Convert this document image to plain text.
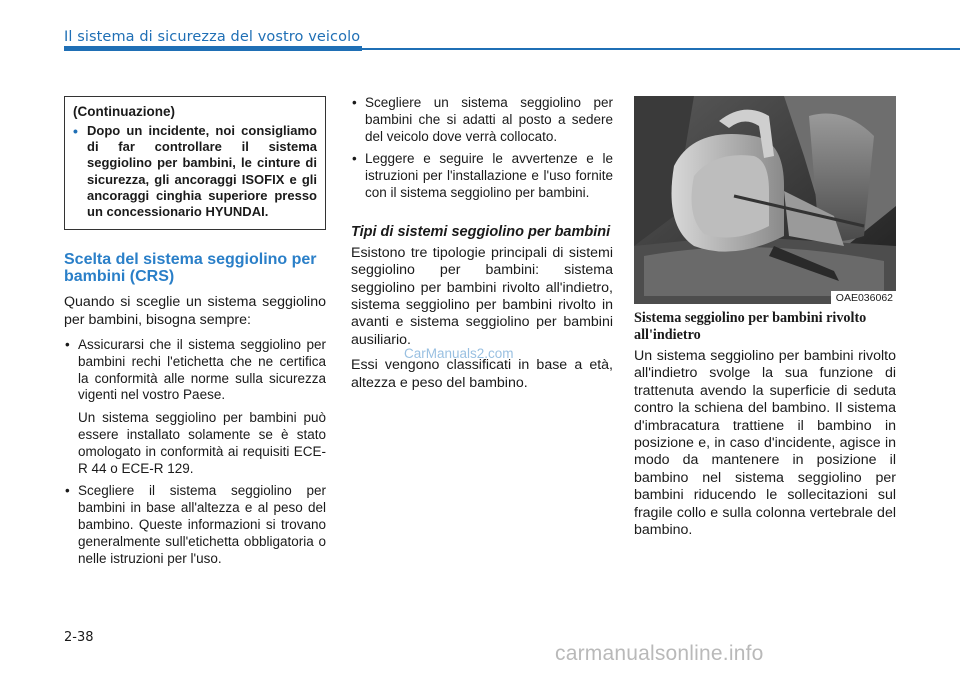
Il sistema di sicurezza del vostro veicolo
(Continuazione)
• Dopo un incidente, noi consigliamo di far controllare il sistema seggiolino per bambini, le cinture di sicurezza, gli ancoraggi ISOFIX e gli ancoraggi cinghia superiore presso un concessionario HYUNDAI.
Scelta del sistema seggiolino per bambini (CRS)

Quando si sceglie un sistema seggiolino per bambini, bisogna sempre:

• Assicurarsi che il sistema seggiolino per bambini rechi l'etichetta che ne certifica la conformità alle norme sulla sicurezza vigenti nel vostro Paese.

Un sistema seggiolino per bambini può essere installato solamente se è stato omologato in conformità ai requisiti ECE-R 44 o ECE-R 129.

• Scegliere il sistema seggiolino per bambini in base all'altezza e al peso del bambino. Queste informazioni si trovano generalmente sull'etichetta obbligatoria o nelle istruzioni per l'uso.
• Scegliere un sistema seggiolino per bambini che si adatti al posto a sedere del veicolo dove verrà collocato.
• Leggere e seguire le avvertenze e le istruzioni per l'installazione e l'uso fornite con il sistema seggiolino per bambini.
Tipi di sistemi seggiolino per bambini

Esistono tre tipologie principali di sistemi seggiolino per bambini: sistema seggiolino per bambini rivolto all'indietro, sistema seggiolino per bambini rivolto in avanti e sistema seggiolino per bambini ausiliario.

Essi vengono classificati in base a età, altezza e peso del bambino.

OAE036062
Sistema seggiolino per bambini rivolto all'indietro

Un sistema seggiolino per bambini rivolto all'indietro svolge la sua funzione di trattenuta avendo la superficie di seduta contro la schiena del bambino. Il sistema d'imbracatura trattiene il bambino in posizione e, in caso d'incidente, agisce in modo da mantenere in posizione il bambino nel sistema seggiolino per bambini riducendo le sollecitazioni sul fragile collo e sulla colonna vertebrale del bambino.

CarManuals2.com
2-38
carmanualsonline.info
